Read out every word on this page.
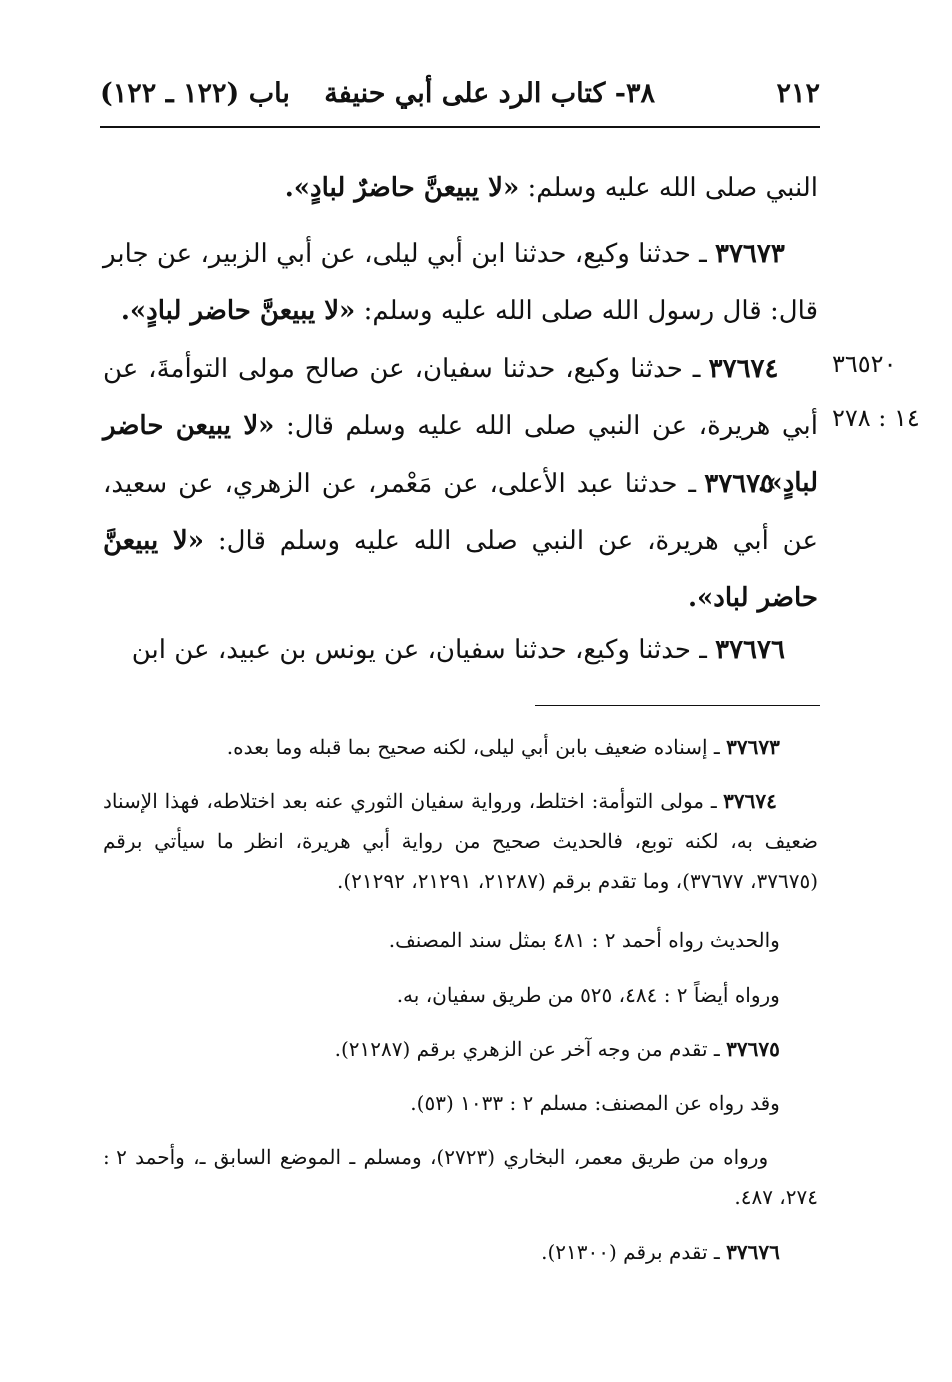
٢١٢
٣٨- كتاب الرد على أبي حنيفة
باب (١٢٢ ـ ١٢٢)
النبي صلى الله عليه وسلم: «لا يبيعنَّ حاضرٌ لبادٍ».
٣٧٦٧٣ ـ حدثنا وكيع، حدثنا ابن أبي ليلى، عن أبي الزبير، عن جابر قال: قال رسول الله صلى الله عليه وسلم: «لا يبيعنَّ حاضر لبادٍ».
٣٦٥٢٠
١٤ : ٢٧٨
٣٧٦٧٤ ـ حدثنا وكيع، حدثنا سفيان، عن صالح مولى التوأمةَ، عن أبي هريرة، عن النبي صلى الله عليه وسلم قال: «لا يبيعن حاضر لبادٍ».
٣٧٦٧٥ ـ حدثنا عبد الأعلى، عن مَعْمر، عن الزهري، عن سعيد، عن أبي هريرة، عن النبي صلى الله عليه وسلم قال: «لا يبيعنَّ حاضر لباد».
٣٧٦٧٦ ـ حدثنا وكيع، حدثنا سفيان، عن يونس بن عبيد، عن ابن
٣٧٦٧٣ ـ إسناده ضعيف بابن أبي ليلى، لكنه صحيح بما قبله وما بعده.
٣٧٦٧٤ ـ مولى التوأمة: اختلط، ورواية سفيان الثوري عنه بعد اختلاطه، فهذا الإسناد ضعيف به، لكنه توبع، فالحديث صحيح من رواية أبي هريرة، انظر ما سيأتي برقم (٣٧٦٧٥، ٣٧٦٧٧)، وما تقدم برقم (٢١٢٨٧، ٢١٢٩١، ٢١٢٩٢).
والحديث رواه أحمد ٢ : ٤٨١ بمثل سند المصنف.
ورواه أيضاً ٢ : ٤٨٤، ٥٢٥ من طريق سفيان، به.
٣٧٦٧٥ ـ تقدم من وجه آخر عن الزهري برقم (٢١٢٨٧).
وقد رواه عن المصنف: مسلم ٢ : ١٠٣٣ (٥٣).
ورواه من طريق معمر، البخاري (٢٧٢٣)، ومسلم ـ الموضع السابق ـ، وأحمد ٢ : ٢٧٤، ٤٨٧.
٣٧٦٧٦ ـ تقدم برقم (٢١٣٠٠).
